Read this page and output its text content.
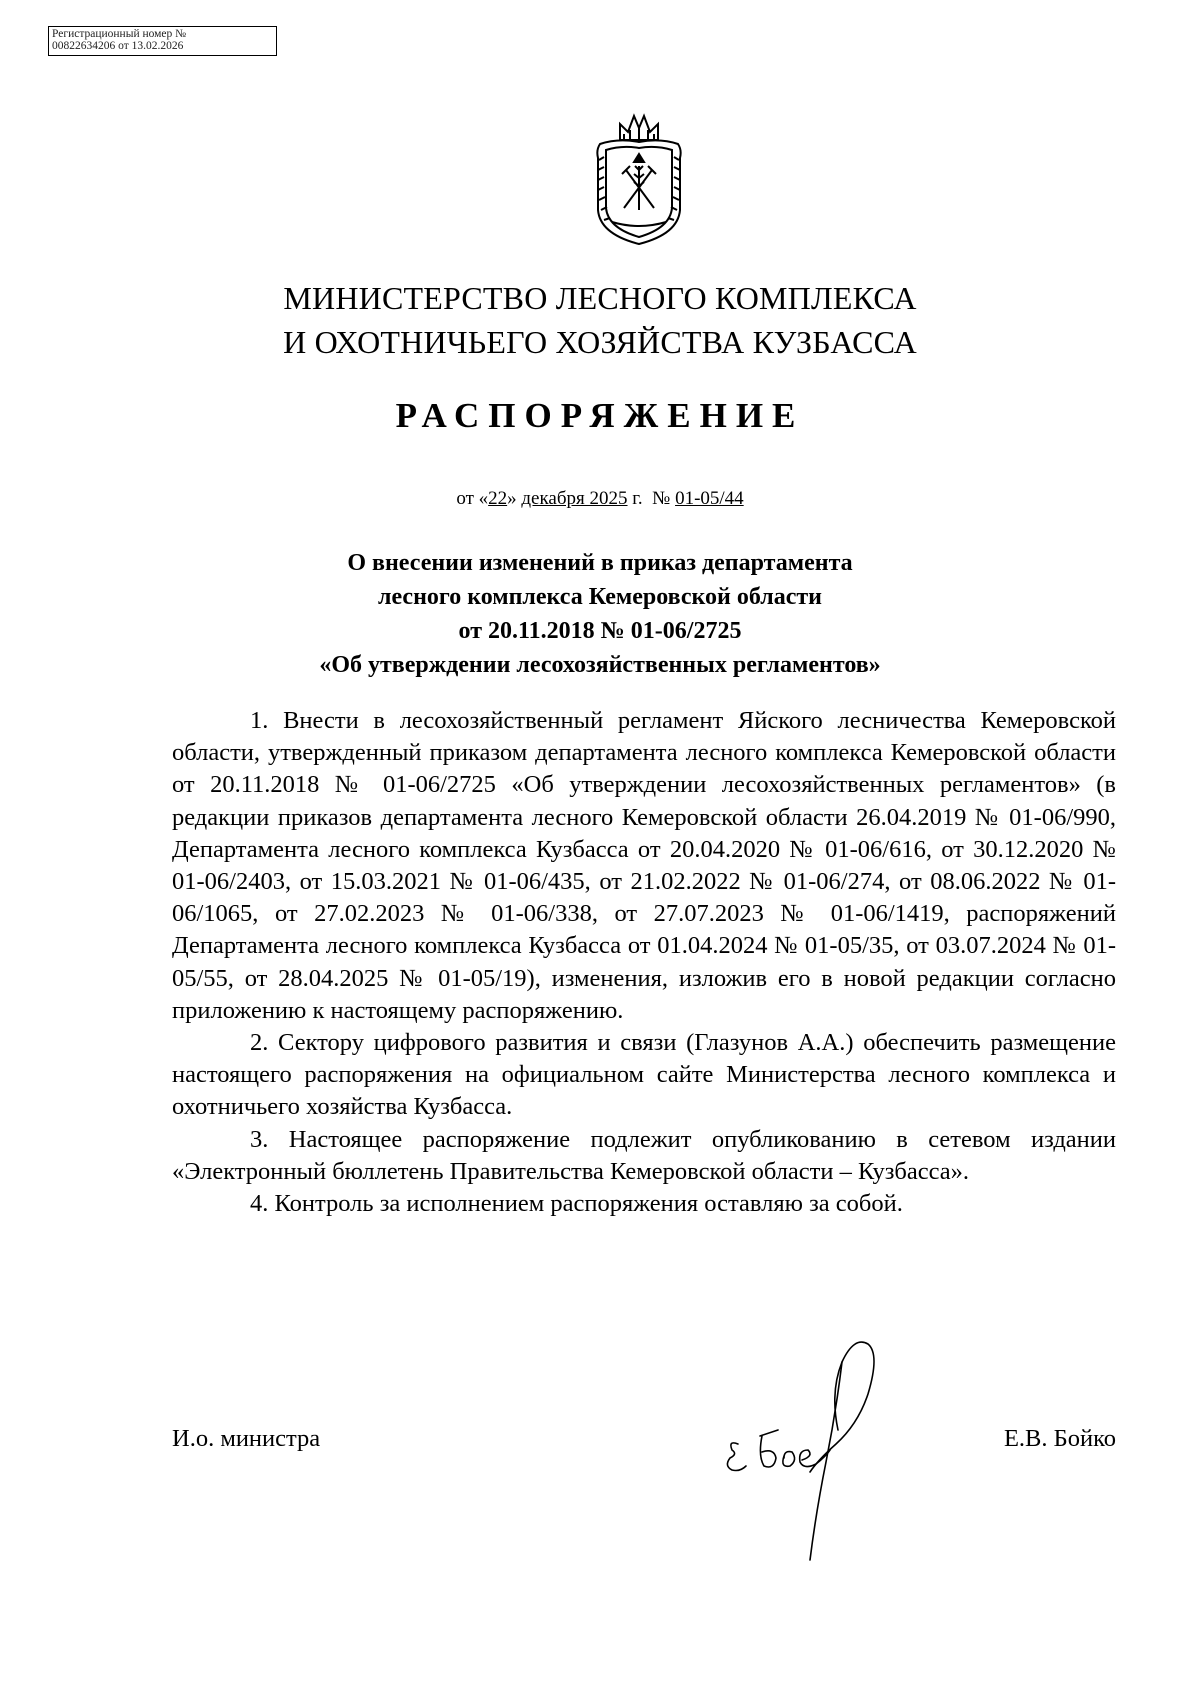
Регистрационный номер №
00822634206 от 13.02.2026
МИНИСТЕРСТВО ЛЕСНОГО КОМПЛЕКСА
И ОХОТНИЧЬЕГО ХОЗЯЙСТВА КУЗБАССА
РАСПОРЯЖЕНИЕ
от «22» декабря 2025 г.  № 01-05/44
О внесении изменений в приказ департамента
лесного комплекса Кемеровской области
от 20.11.2018 № 01-06/2725
«Об утверждении лесохозяйственных регламентов»

1. Внести в лесохозяйственный регламент Яйского лесничества Кемеровской области, утвержденный приказом департамента лесного комплекса Кемеровской области от 20.11.2018 № 01-06/2725 «Об утверждении лесохозяйственных регламентов» (в редакции приказов департамента лесного Кемеровской области 26.04.2019 № 01-06/990, Департамента лесного комплекса Кузбасса от 20.04.2020 № 01-06/616, от 30.12.2020 № 01-06/2403, от 15.03.2021 № 01-06/435, от 21.02.2022 № 01-06/274, от 08.06.2022 № 01-06/1065, от 27.02.2023 № 01-06/338, от 27.07.2023 № 01-06/1419, распоряжений Департамента лесного комплекса Кузбасса от 01.04.2024 № 01-05/35, от 03.07.2024 № 01-05/55, от 28.04.2025 № 01-05/19), изменения, изложив его в новой редакции согласно приложению к настоящему распоряжению.

2. Сектору цифрового развития и связи (Глазунов А.А.) обеспечить размещение настоящего распоряжения на официальном сайте Министерства лесного комплекса и охотничьего хозяйства Кузбасса.

3. Настоящее распоряжение подлежит опубликованию в сетевом издании «Электронный бюллетень Правительства Кемеровской области – Кузбасса».

4. Контроль за исполнением распоряжения оставляю за собой.

И.о. министра	Е.В. Бойко
